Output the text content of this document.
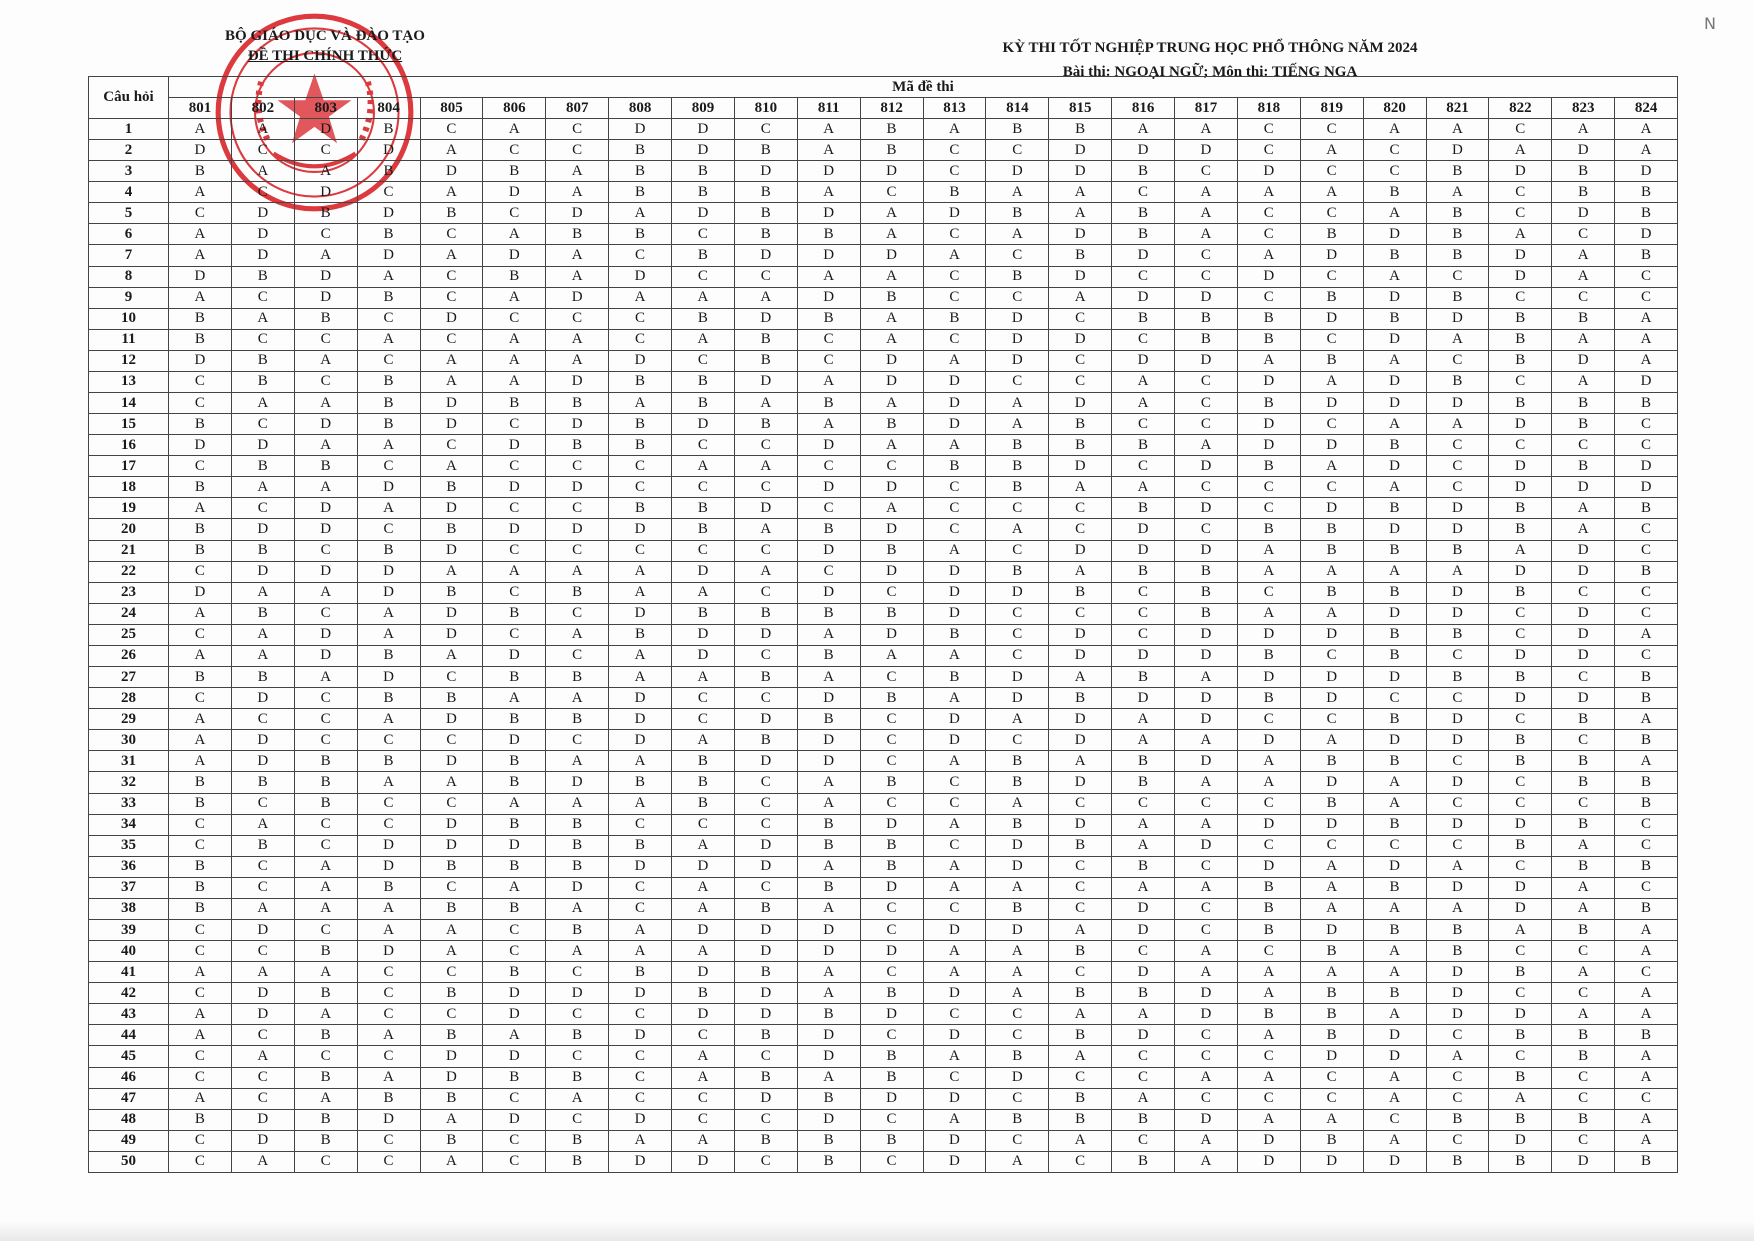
BỘ GIÁO DỤC VÀ ĐÀO TẠO
ĐỀ THI CHÍNH THỨC	KỲ THI TỐT NGHIỆP TRUNG HỌC PHỔ THÔNG NĂM 2024
Bài thi: NGOẠI NGỮ; Môn thi: TIẾNG NGA
N
Câu hỏi	Mã đề thi																							
	801	802	803	804	805	806	807	808	809	810	811	812	813	814	815	816	817	818	819	820	821	822	823	824
1	A	A	D	B	C	A	C	D	D	C	A	B	A	B	B	A	A	C	C	A	A	C	A	A
2	D	C	C	D	A	C	C	B	D	B	A	B	C	C	D	D	D	C	A	C	D	A	D	A
3	B	A	A	B	D	B	A	B	B	D	D	D	C	D	D	B	C	D	C	C	B	D	B	D
4	A	C	D	C	A	D	A	B	B	B	A	C	B	A	A	C	A	A	A	B	A	C	B	B
5	C	D	B	D	B	C	D	A	D	B	D	A	D	B	A	B	A	C	C	A	B	C	D	B
6	A	D	C	B	C	A	B	B	C	B	B	A	C	A	D	B	A	C	B	D	B	A	C	D
7	A	D	A	D	A	D	A	C	B	D	D	D	A	C	B	D	C	A	D	B	B	D	A	B
8	D	B	D	A	C	B	A	D	C	C	A	A	C	B	D	C	C	D	C	A	C	D	A	C
9	A	C	D	B	C	A	D	A	A	A	D	B	C	C	A	D	D	C	B	D	B	C	C	C
10	B	A	B	C	D	C	C	C	B	D	B	A	B	D	C	B	B	B	D	B	D	B	B	A
11	B	C	C	A	C	A	A	C	A	B	C	A	C	D	D	C	B	B	C	D	A	B	A	A
12	D	B	A	C	A	A	A	D	C	B	C	D	A	D	C	D	D	A	B	A	C	B	D	A
13	C	B	C	B	A	A	D	B	B	D	A	D	D	C	C	A	C	D	A	D	B	C	A	D
14	C	A	A	B	D	B	B	A	B	A	B	A	D	A	D	A	C	B	D	D	D	B	B	B
15	B	C	D	B	D	C	D	B	D	B	A	B	D	A	B	C	C	D	C	A	A	D	B	C
16	D	D	A	A	C	D	B	B	C	C	D	A	A	B	B	B	A	D	D	B	C	C	C	C
17	C	B	B	C	A	C	C	C	A	A	C	C	B	B	D	C	D	B	A	D	C	D	B	D
18	B	A	A	D	B	D	D	C	C	C	D	D	C	B	A	A	C	C	C	A	C	D	D	D
19	A	C	D	A	D	C	C	B	B	D	C	A	C	C	C	B	D	C	D	B	D	B	A	B
20	B	D	D	C	B	D	D	D	B	A	B	D	C	A	C	D	C	B	B	D	D	B	A	C
21	B	B	C	B	D	C	C	C	C	C	D	B	A	C	D	D	D	A	B	B	B	A	D	C
22	C	D	D	D	A	A	A	A	D	A	C	D	D	B	A	B	B	A	A	A	A	D	D	B
23	D	A	A	D	B	C	B	A	A	C	D	C	D	D	B	C	B	C	B	B	D	B	C	C
24	A	B	C	A	D	B	C	D	B	B	B	B	D	C	C	C	B	A	A	D	D	C	D	C
25	C	A	D	A	D	C	A	B	D	D	A	D	B	C	D	C	D	D	D	B	B	C	D	A
26	A	A	D	B	A	D	C	A	D	C	B	A	A	C	D	D	D	B	C	B	C	D	D	C
27	B	B	A	D	C	B	B	A	A	B	A	C	B	D	A	B	A	D	D	D	B	B	C	B
28	C	D	C	B	B	A	A	D	C	C	D	B	A	D	B	D	D	B	D	C	C	D	D	B
29	A	C	C	A	D	B	B	D	C	D	B	C	D	A	D	A	D	C	C	B	D	C	B	A
30	A	D	C	C	C	D	C	D	A	B	D	C	D	C	D	A	A	D	A	D	D	B	C	B
31	A	D	B	B	D	B	A	A	B	D	D	C	A	B	A	B	D	A	B	B	C	B	B	A
32	B	B	B	A	A	B	D	B	B	C	A	B	C	B	D	B	A	A	D	A	D	C	B	B
33	B	C	B	C	C	A	A	A	B	C	A	C	C	A	C	C	C	C	B	A	C	C	C	B
34	C	A	C	C	D	B	B	C	C	C	B	D	A	B	D	A	A	D	D	B	D	D	B	C
35	C	B	C	D	D	D	B	B	A	D	B	B	C	D	B	A	D	C	C	C	C	B	A	C
36	B	C	A	D	B	B	B	D	D	D	A	B	A	D	C	B	C	D	A	D	A	C	B	B
37	B	C	A	B	C	A	D	C	A	C	B	D	A	A	C	A	A	B	A	B	D	D	A	C
38	B	A	A	A	B	B	A	C	A	B	A	C	C	B	C	D	C	B	A	A	A	D	A	B
39	C	D	C	A	A	C	B	A	D	D	D	C	D	D	A	D	C	B	D	B	B	A	B	A
40	C	C	B	D	A	C	A	A	A	D	D	D	A	A	B	C	A	C	B	A	B	C	C	A
41	A	A	A	C	C	B	C	B	D	B	A	C	A	A	C	D	A	A	A	A	D	B	A	C
42	C	D	B	C	B	D	D	D	B	D	A	B	D	A	B	B	D	A	B	B	D	C	C	A
43	A	D	A	C	C	D	C	C	D	D	B	D	C	C	A	A	D	B	B	A	D	D	A	A
44	A	C	B	A	B	A	B	D	C	B	D	C	D	C	B	D	C	A	B	D	C	B	B	B
45	C	A	C	C	D	D	C	C	A	C	D	B	A	B	A	C	C	C	D	D	A	C	B	A
46	C	C	B	A	D	B	B	C	A	B	A	B	C	D	C	C	A	A	C	A	C	B	C	A
47	A	C	A	B	B	C	A	C	C	D	B	D	D	C	B	A	C	C	C	A	C	A	C	C
48	B	D	B	D	A	D	C	D	C	C	D	C	A	B	B	B	D	A	A	C	B	B	B	A
49	C	D	B	C	B	C	B	A	A	B	B	B	D	C	A	C	A	D	B	A	C	D	C	A
50	C	A	C	C	A	C	B	D	D	C	B	C	D	A	C	B	A	D	D	D	B	B	D	B
